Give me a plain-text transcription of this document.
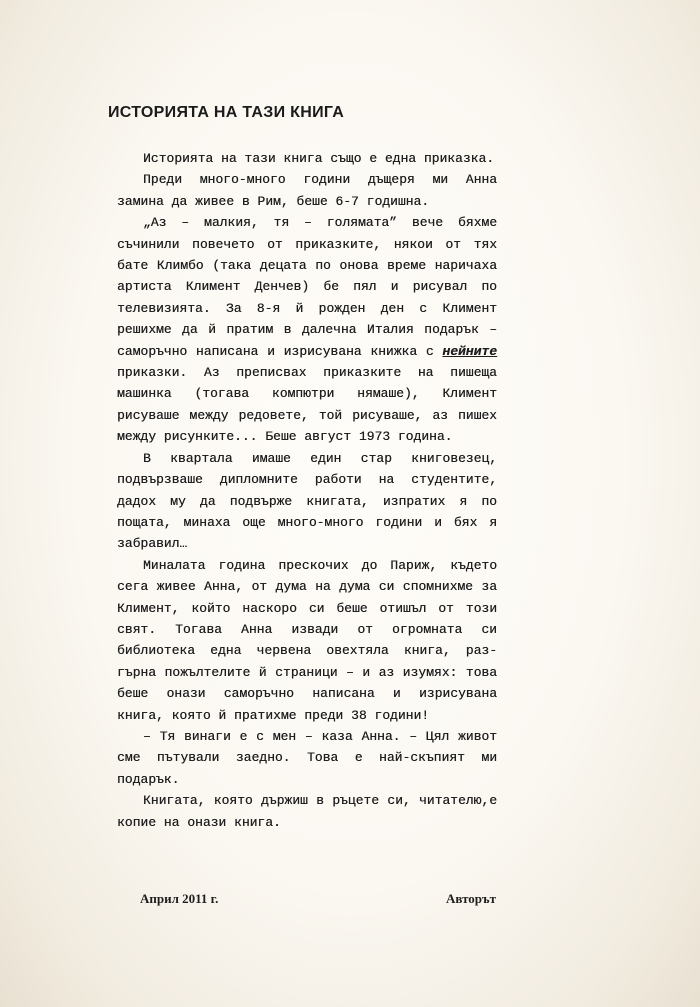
ИСТОРИЯТА НА ТАЗИ КНИГА

Историята на тази книга също е една приказка.

Преди много-много години дъщеря ми Анна замина да живее в Рим, беше 6-7 годишна.

„Аз – малкия, тя – голямата” вече бяхме съчинили повечето от приказките, някои от тях бате Климбо (така децата по онова време наричаха артиста Климент Денчев) бе пял и рисувал по телевизията. За 8-я й рожден ден с Климент решихме да й пратим в далечна Италия подарък – саморъчно написана и изрисувана книжка с нейните приказки. Аз преписвах приказките на пишеща машинка (тогава компютри нямаше), Климент рисуваше между редовете, той рисуваше, аз пишех между рисунките... Беше август 1973 година.

В квартала имаше един стар книговезец, подвързваше дипломните работи на студентите, дадох му да подвърже книгата, изпратих я по пощата, минаха още много-много години и бях я забравил…

Миналата година прескочих до Париж, където сега живее Анна, от дума на дума си спомнихме за Климент, който наскоро си беше отишъл от този свят. Тогава Анна извади от огромната си библиотека една червена овехтяла книга, раз-гърна пожълтелите й страници – и аз изумях: това беше онази саморъчно написана и изрисувана книга, която й пратихме преди 38 години!

– Тя винаги е с мен – каза Анна. – Цял живот сме пътували заедно. Това е най-скъпият ми подарък.

Книгата, която държиш в ръцете си, читателю,е копие на онази книга.

Април 2011 г.	Авторът
